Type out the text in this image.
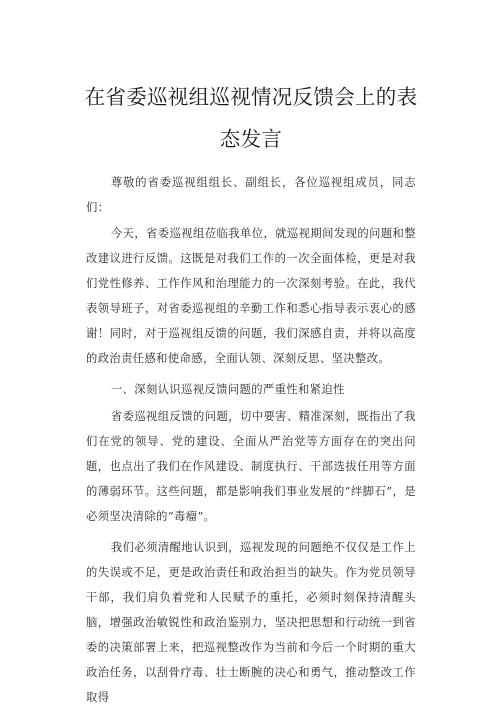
在省委巡视组巡视情况反馈会上的表态发言

尊敬的省委巡视组组长、副组长，各位巡视组成员，同志们：

今天，省委巡视组莅临我单位，就巡视期间发现的问题和整改建议进行反馈。这既是对我们工作的一次全面体检，更是对我们党性修养、工作作风和治理能力的一次深刻考验。在此，我代表领导班子，对省委巡视组的辛勤工作和悉心指导表示衷心的感谢！同时，对于巡视组反馈的问题，我们深感自责，并将以高度的政治责任感和使命感，全面认领、深刻反思、坚决整改。

一、深刻认识巡视反馈问题的严重性和紧迫性

省委巡视组反馈的问题，切中要害、精准深刻，既指出了我们在党的领导、党的建设、全面从严治党等方面存在的突出问题，也点出了我们在作风建设、制度执行、干部选拔任用等方面的薄弱环节。这些问题，都是影响我们事业发展的“绊脚石”，是必须坚决清除的“毒瘤”。

我们必须清醒地认识到，巡视发现的问题绝不仅仅是工作上的失误或不足，更是政治责任和政治担当的缺失。作为党员领导干部，我们肩负着党和人民赋予的重托，必须时刻保持清醒头脑，增强政治敏锐性和政治鉴别力，坚决把思想和行动统一到省委的决策部署上来，把巡视整改作为当前和今后一个时期的重大政治任务，以刮骨疗毒、壮士断腕的决心和勇气，推动整改工作取得
